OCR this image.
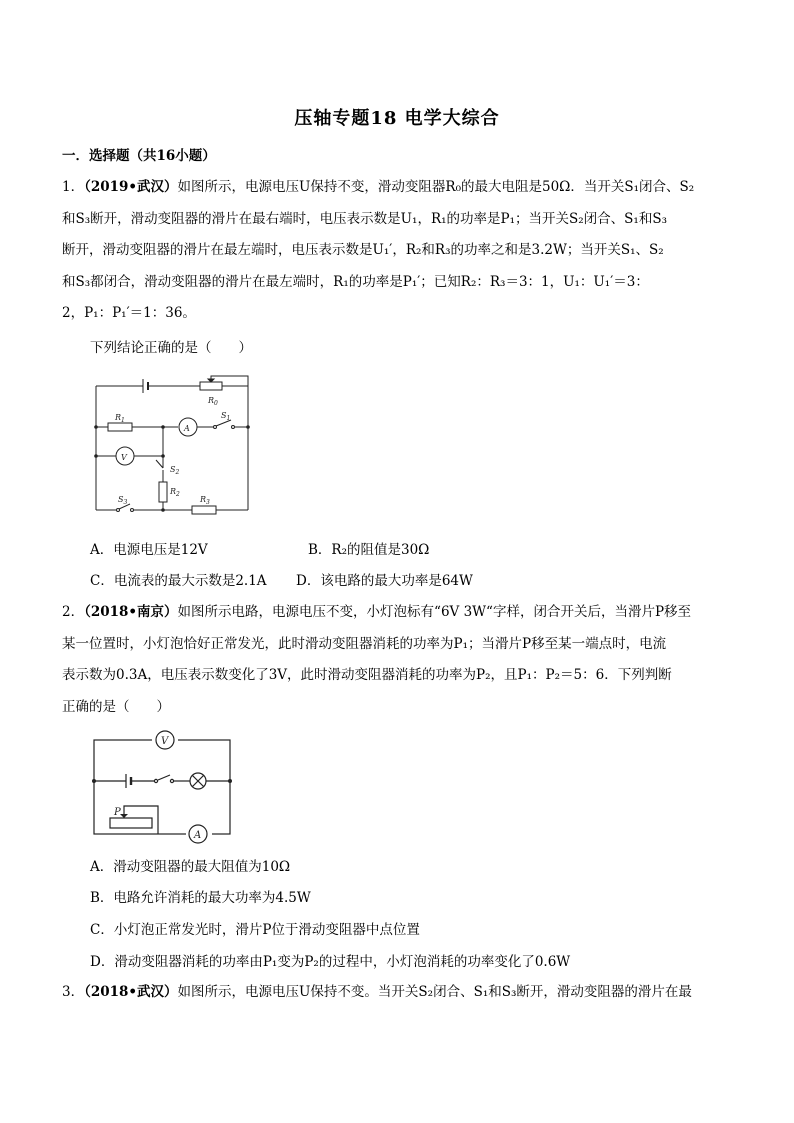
压轴专题18 电学大综合
一．选择题（共16小题）
1．（2019•武汉）如图所示，电源电压U保持不变，滑动变阻器R₀的最大电阻是50Ω．当开关S₁闭合、S₂
和S₃断开，滑动变阻器的滑片在最右端时，电压表示数是U₁，R₁的功率是P₁；当开关S₂闭合、S₁和S₃
断开，滑动变阻器的滑片在最左端时，电压表示数是U₁′，R₂和R₃的功率之和是3.2W；当开关S₁、S₂
和S₃都闭合，滑动变阻器的滑片在最左端时，R₁的功率是P₁′；已知R₂：R₃＝3：1，U₁：U₁′＝3：
2，P₁：P₁′＝1：36。
下列结论正确的是（　　）
$R_0$
$R_1$
$S_1$
$S_2$
$R_2$
$S_3$	$R_3$
A
V
A．电源电压是12V	B．R₂的阻值是30Ω
C．电流表的最大示数是2.1A D．该电路的最大功率是64W
2．（2018•南京）如图所示电路，电源电压不变，小灯泡标有“6V 3W“字样，闭合开关后，当滑片P移至
某一位置时，小灯泡恰好正常发光，此时滑动变阻器消耗的功率为P₁；当滑片P移至某一端点时，电流
表示数为0.3A，电压表示数变化了3V，此时滑动变阻器消耗的功率为P₂，且P₁：P₂＝5：6．下列判断
正确的是（　　）
V
A
P
A．滑动变阻器的最大阻值为10Ω
B．电路允许消耗的最大功率为4.5W
C．小灯泡正常发光时，滑片P位于滑动变阻器中点位置
D．滑动变阻器消耗的功率由P₁变为P₂的过程中，小灯泡消耗的功率变化了0.6W
3．（2018•武汉）如图所示，电源电压U保持不变。当开关S₂闭合、S₁和S₃断开，滑动变阻器的滑片在最
